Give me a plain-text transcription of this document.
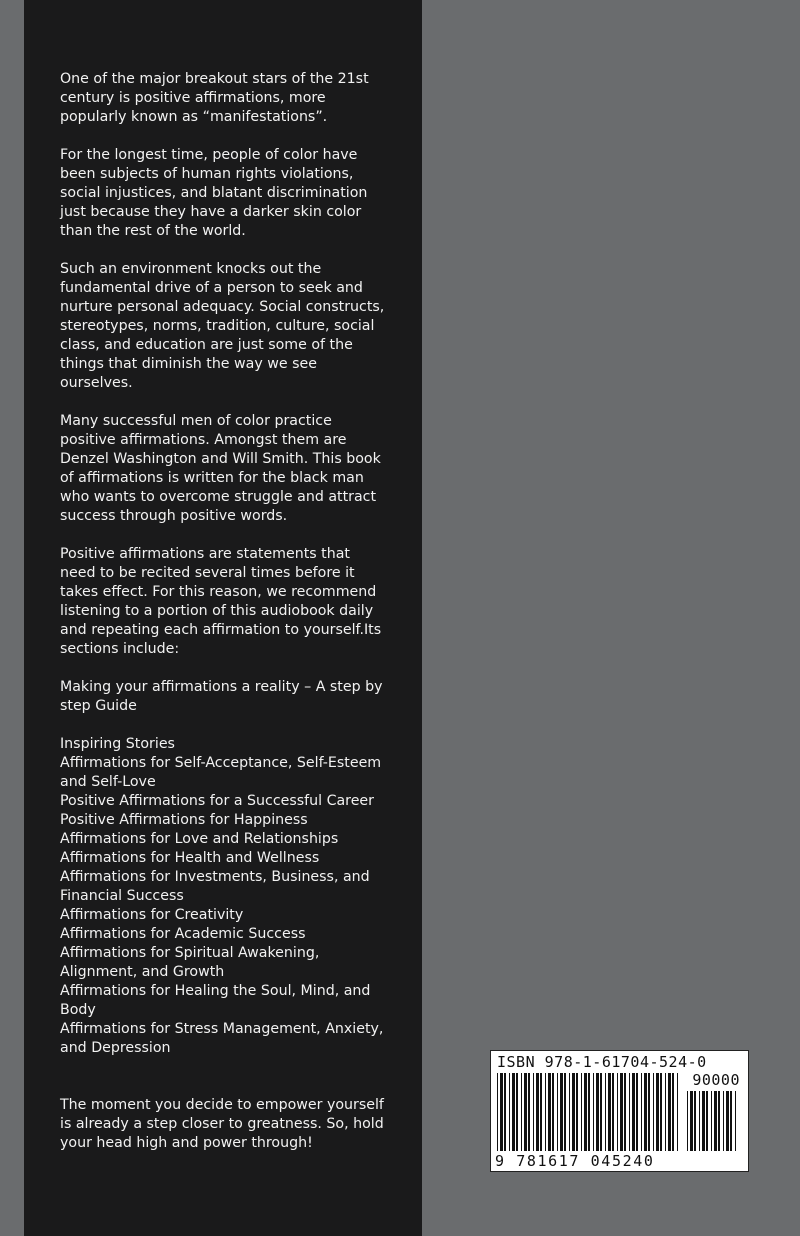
One of the major breakout stars of the 21st century is positive affirmations, more popularly known as “manifestations”.

For the longest time, people of color have been subjects of human rights violations, social injustices, and blatant discrimination just because they have a darker skin color than the rest of the world.

Such an environment knocks out the fundamental drive of a person to seek and nurture personal adequacy. Social constructs, stereotypes, norms, tradition, culture, social class, and education are just some of the things that diminish the way we see ourselves.

Many successful men of color practice positive affirmations. Amongst them are Denzel Washington and Will Smith. This book of affirmations is written for the black man who wants to overcome struggle and attract success through positive words.

Positive affirmations are statements that need to be recited several times before it takes effect. For this reason, we recommend listening to a portion of this audiobook daily and repeating each affirmation to yourself.Its sections include:

Making your affirmations a reality – A step by step Guide

Inspiring Stories

Affirmations for Self-Acceptance, Self-Esteem and Self-Love

Positive Affirmations for a Successful Career

Positive Affirmations for Happiness

Affirmations for Love and Relationships

Affirmations for Health and Wellness

Affirmations for Investments, Business, and Financial Success

Affirmations for Creativity

Affirmations for Academic Success

Affirmations for Spiritual Awakening, Alignment, and Growth

Affirmations for Healing the Soul, Mind, and Body

Affirmations for Stress Management, Anxiety, and Depression

The moment you decide to empower yourself is already a step closer to greatness. So, hold your head high and power through!

ISBN 978-1-61704-524-0
90000
9 781617 045240
